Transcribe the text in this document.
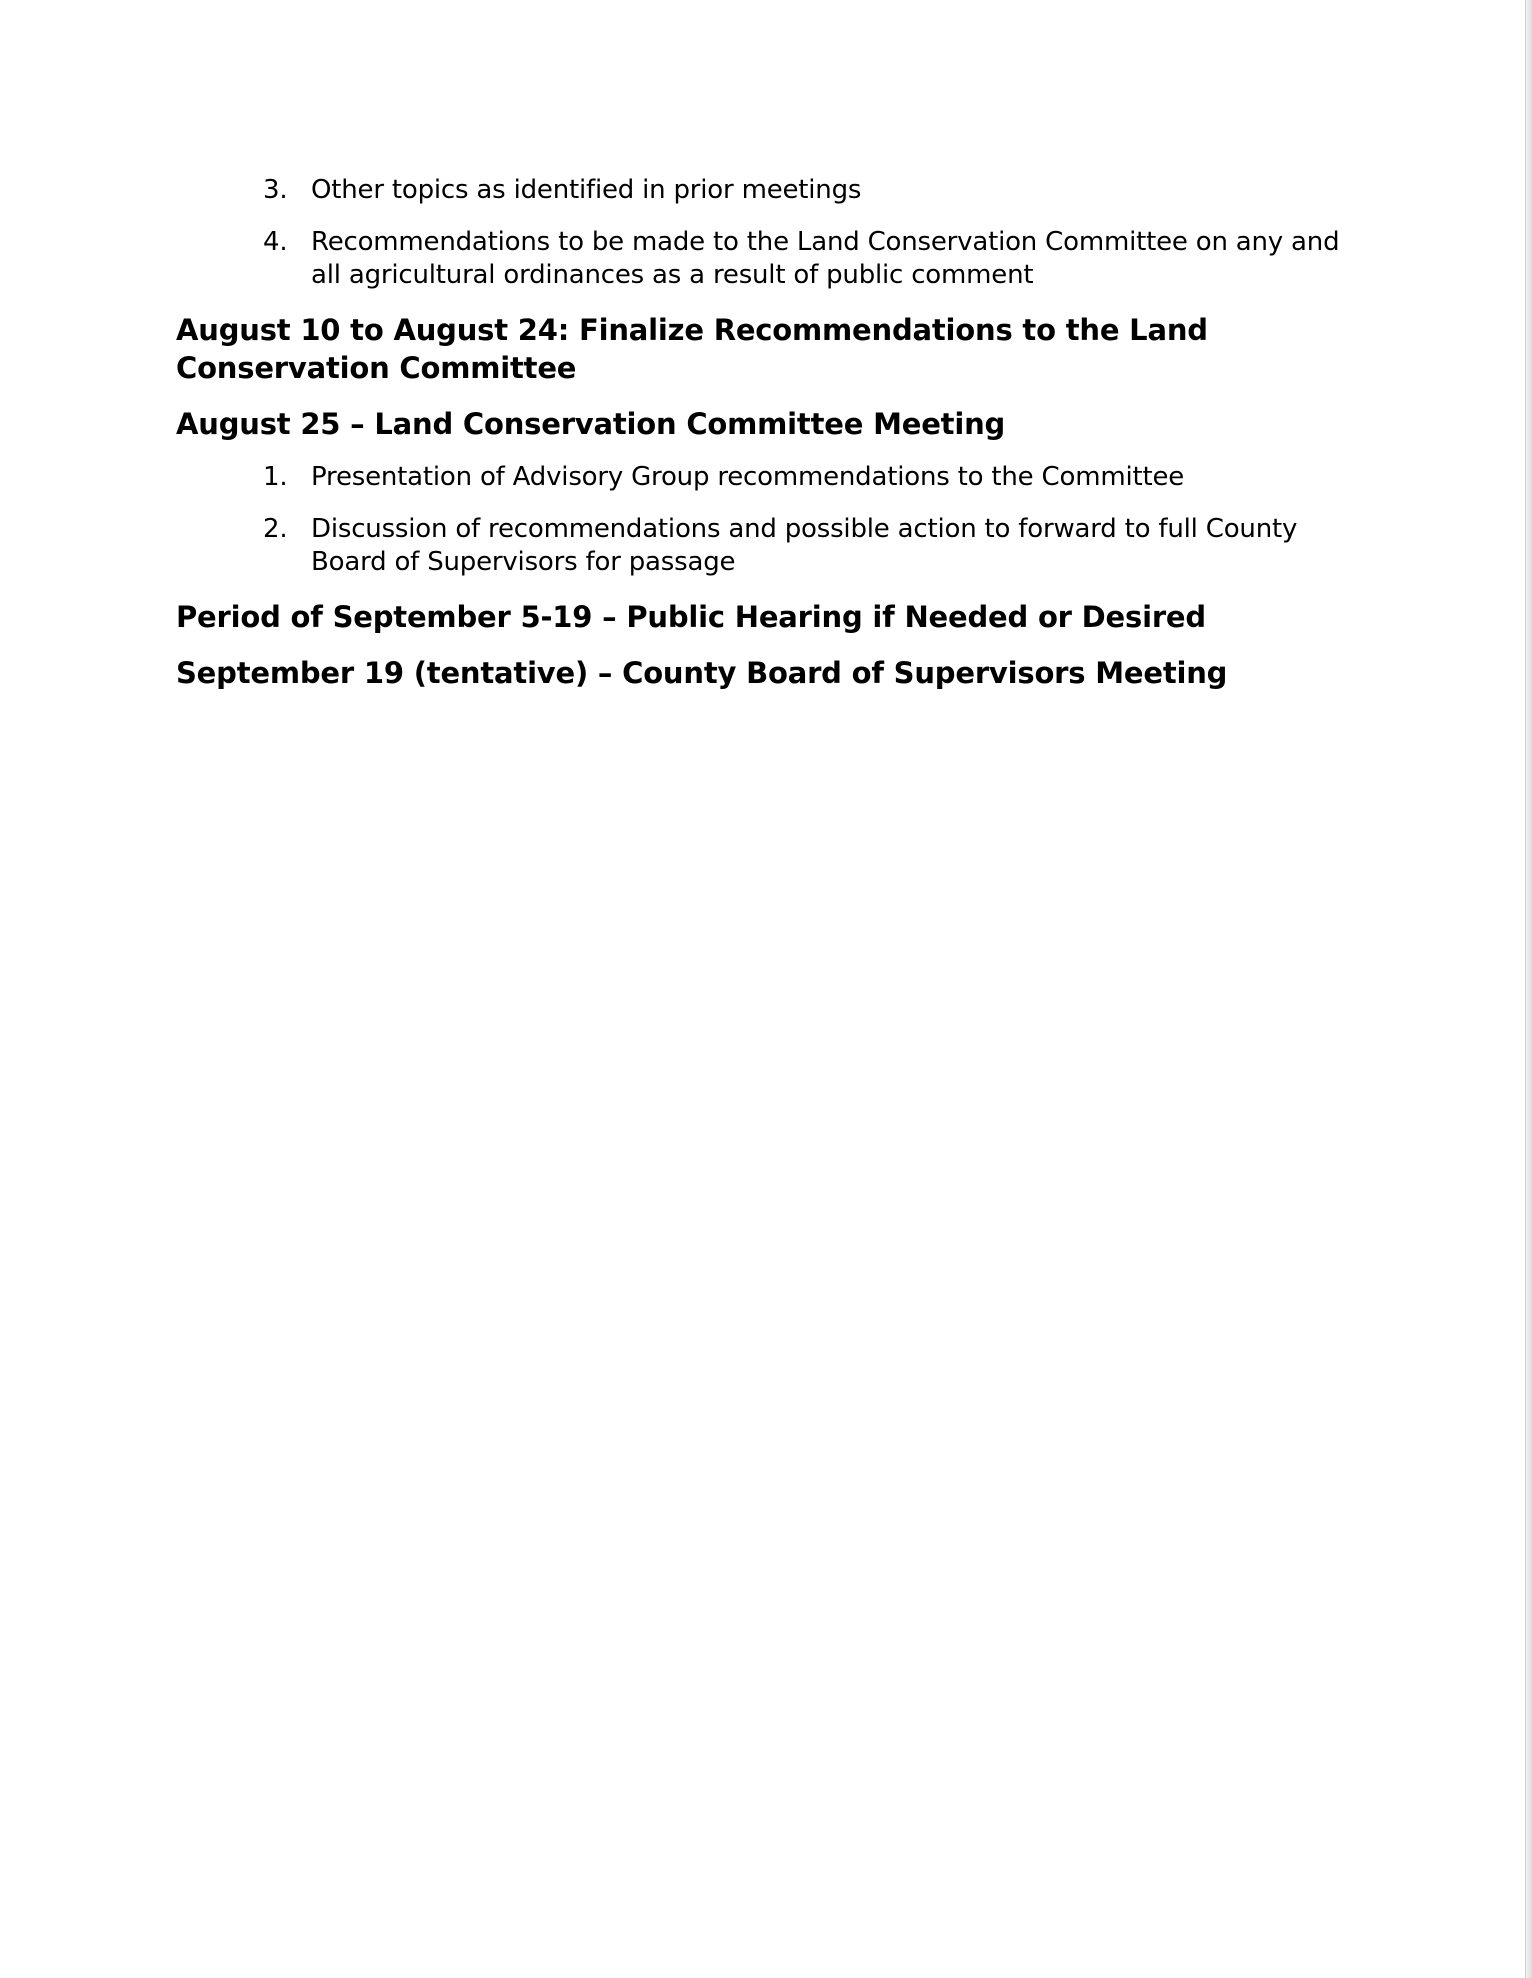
3. Other topics as identified in prior meetings
4. Recommendations to be made to the Land Conservation Committee on any and all agricultural ordinances as a result of public comment
August 10 to August 24: Finalize Recommendations to the Land Conservation Committee
August 25 – Land Conservation Committee Meeting
1. Presentation of Advisory Group recommendations to the Committee
2. Discussion of recommendations and possible action to forward to full County Board of Supervisors for passage
Period of September 5-19 – Public Hearing if Needed or Desired
September 19 (tentative) – County Board of Supervisors Meeting
